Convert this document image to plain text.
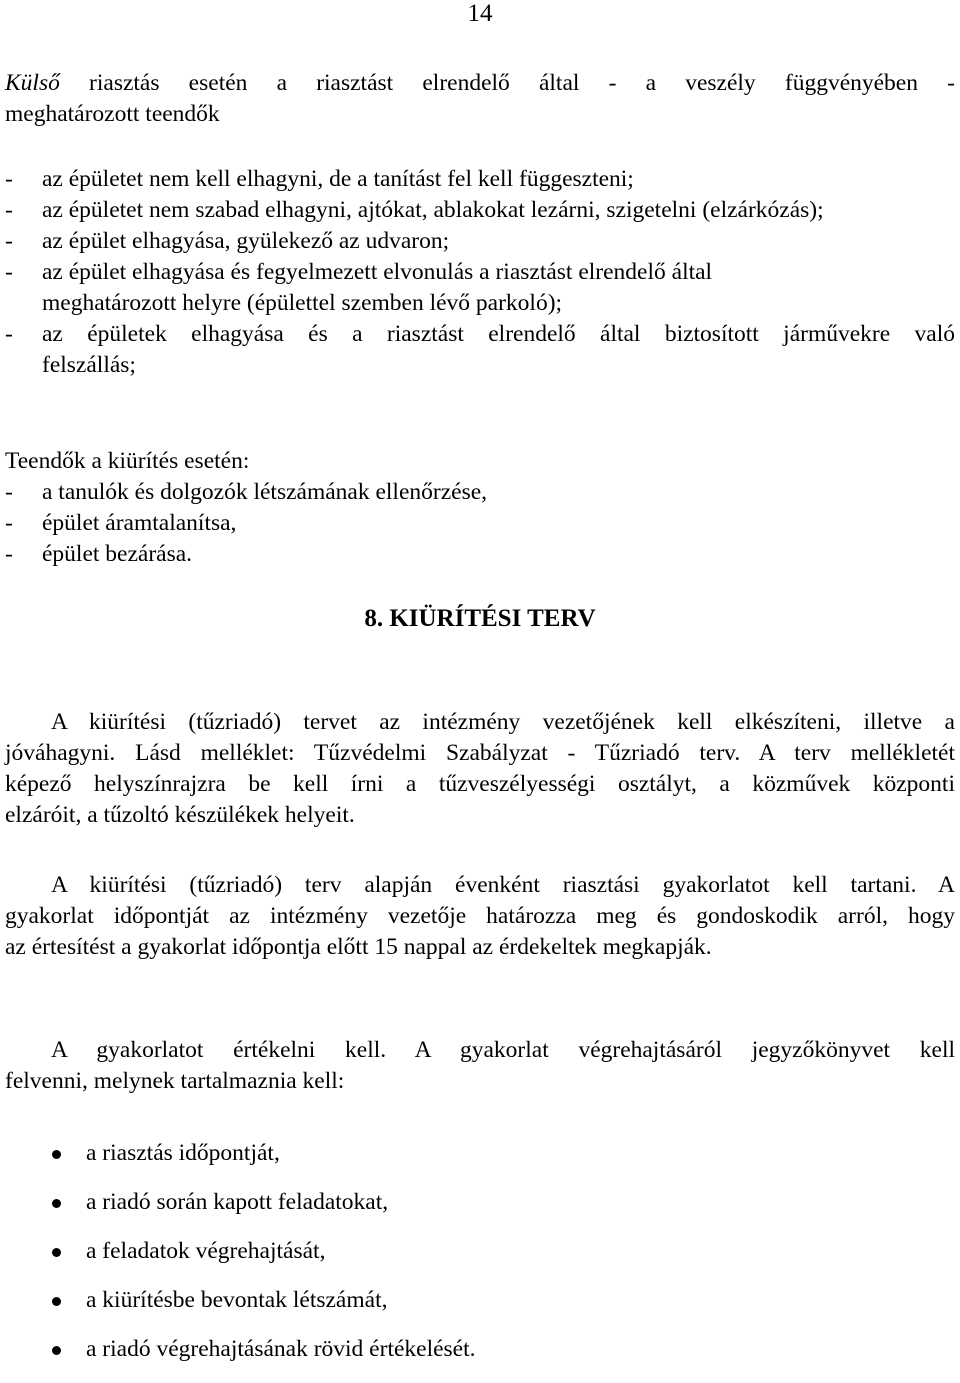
14
Külső riasztás esetén a riasztást elrendelő által - a veszély függvényében -
meghatározott teendők
- az épületet nem kell elhagyni, de a tanítást fel kell függeszteni;
- az épületet nem szabad elhagyni, ajtókat, ablakokat lezárni, szigetelni (elzárkózás);
- az épület elhagyása, gyülekező az udvaron;
- az épület elhagyása és fegyelmezett elvonulás a riasztást elrendelő által
meghatározott helyre (épülettel szemben lévő parkoló);
- az épületek elhagyása és a riasztást elrendelő által biztosított járművekre való
felszállás;
Teendők a kiürítés esetén:
- a tanulók és dolgozók létszámának ellenőrzése,
- épület áramtalanítsa,
- épület bezárása.
8. KIÜRÍTÉSI TERV
A kiürítési (tűzriadó) tervet az intézmény vezetőjének kell elkészíteni, illetve a
jóváhagyni. Lásd melléklet: Tűzvédelmi Szabályzat - Tűzriadó terv. A terv mellékletét
képező helyszínrajzra be kell írni a tűzveszélyességi osztályt, a közművek központi
elzáróit, a tűzoltó készülékek helyeit.
A kiürítési (tűzriadó) terv alapján évenként riasztási gyakorlatot kell tartani. A
gyakorlat időpontját az intézmény vezetője határozza meg és gondoskodik arról, hogy
az értesítést a gyakorlat időpontja előtt 15 nappal az érdekeltek megkapják.
A gyakorlatot értékelni kell. A gyakorlat végrehajtásáról jegyzőkönyvet kell
felvenni, melynek tartalmaznia kell:
a riasztás időpontját,
a riadó során kapott feladatokat,
a feladatok végrehajtását,
a kiürítésbe bevontak létszámát,
a riadó végrehajtásának rövid értékelését.
